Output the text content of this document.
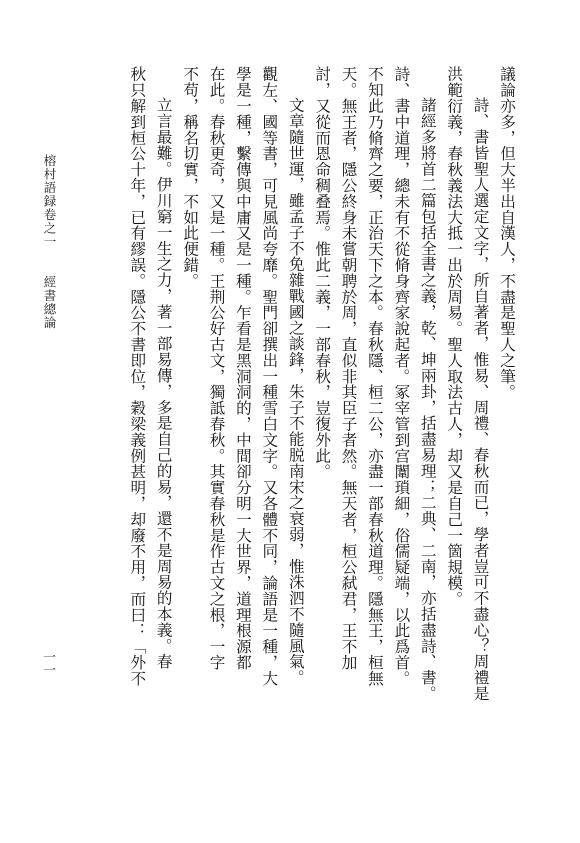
議論亦多，但大半出自漢人，不盡是聖人之筆。
詩、書皆聖人選定文字，所自著者，惟易、周禮、春秋而已，學者豈可不盡心？周禮是
洪範衍義，春秋義法大抵一出於周易。聖人取法古人，却又是自己一箇規模。
諸經多將首二篇包括全書之義，乾、坤兩卦，括盡易理；二典、二南，亦括盡詩、書。
詩、書中道理，總未有不從脩身齊家說起者。冢宰管到宫闈瑣細，俗儒疑端，以此爲首。
不知此乃脩齊之要，正治天下之本。春秋隱、桓二公，亦盡一部春秋道理。隱無王，桓無
天。無王者，隱公終身未嘗朝聘於周，直似非其臣子者然。無天者，桓公弑君，王不加
討，又從而恩命稠叠焉。惟此二義，一部春秋，豈復外此。
文章隨世運，雖孟子不免雜戰國之談鋒，朱子不能脱南宋之衰弱，惟洙泗不隨風氣。
觀左、國等書，可見風尚夸靡。聖門卻撰出一種雪白文字。又各體不同，論語是一種，大
學是一種，繫傳與中庸又是一種。乍看是黑洞洞的，中間卻分明一大世界，道理根源都
在此。春秋更奇，又是一種。王荆公好古文，獨詆春秋。其實春秋是作古文之根，一字
不苟，稱名切實，不如此便錯。
立言最難。伊川窮一生之力，著一部易傳，多是自己的易，還不是周易的本義。春
秋只解到桓公十年，已有繆誤。隱公不書即位，穀梁義例甚明，却廢不用，而曰：「外不
榕村語録卷之一　　經書總論
一一
